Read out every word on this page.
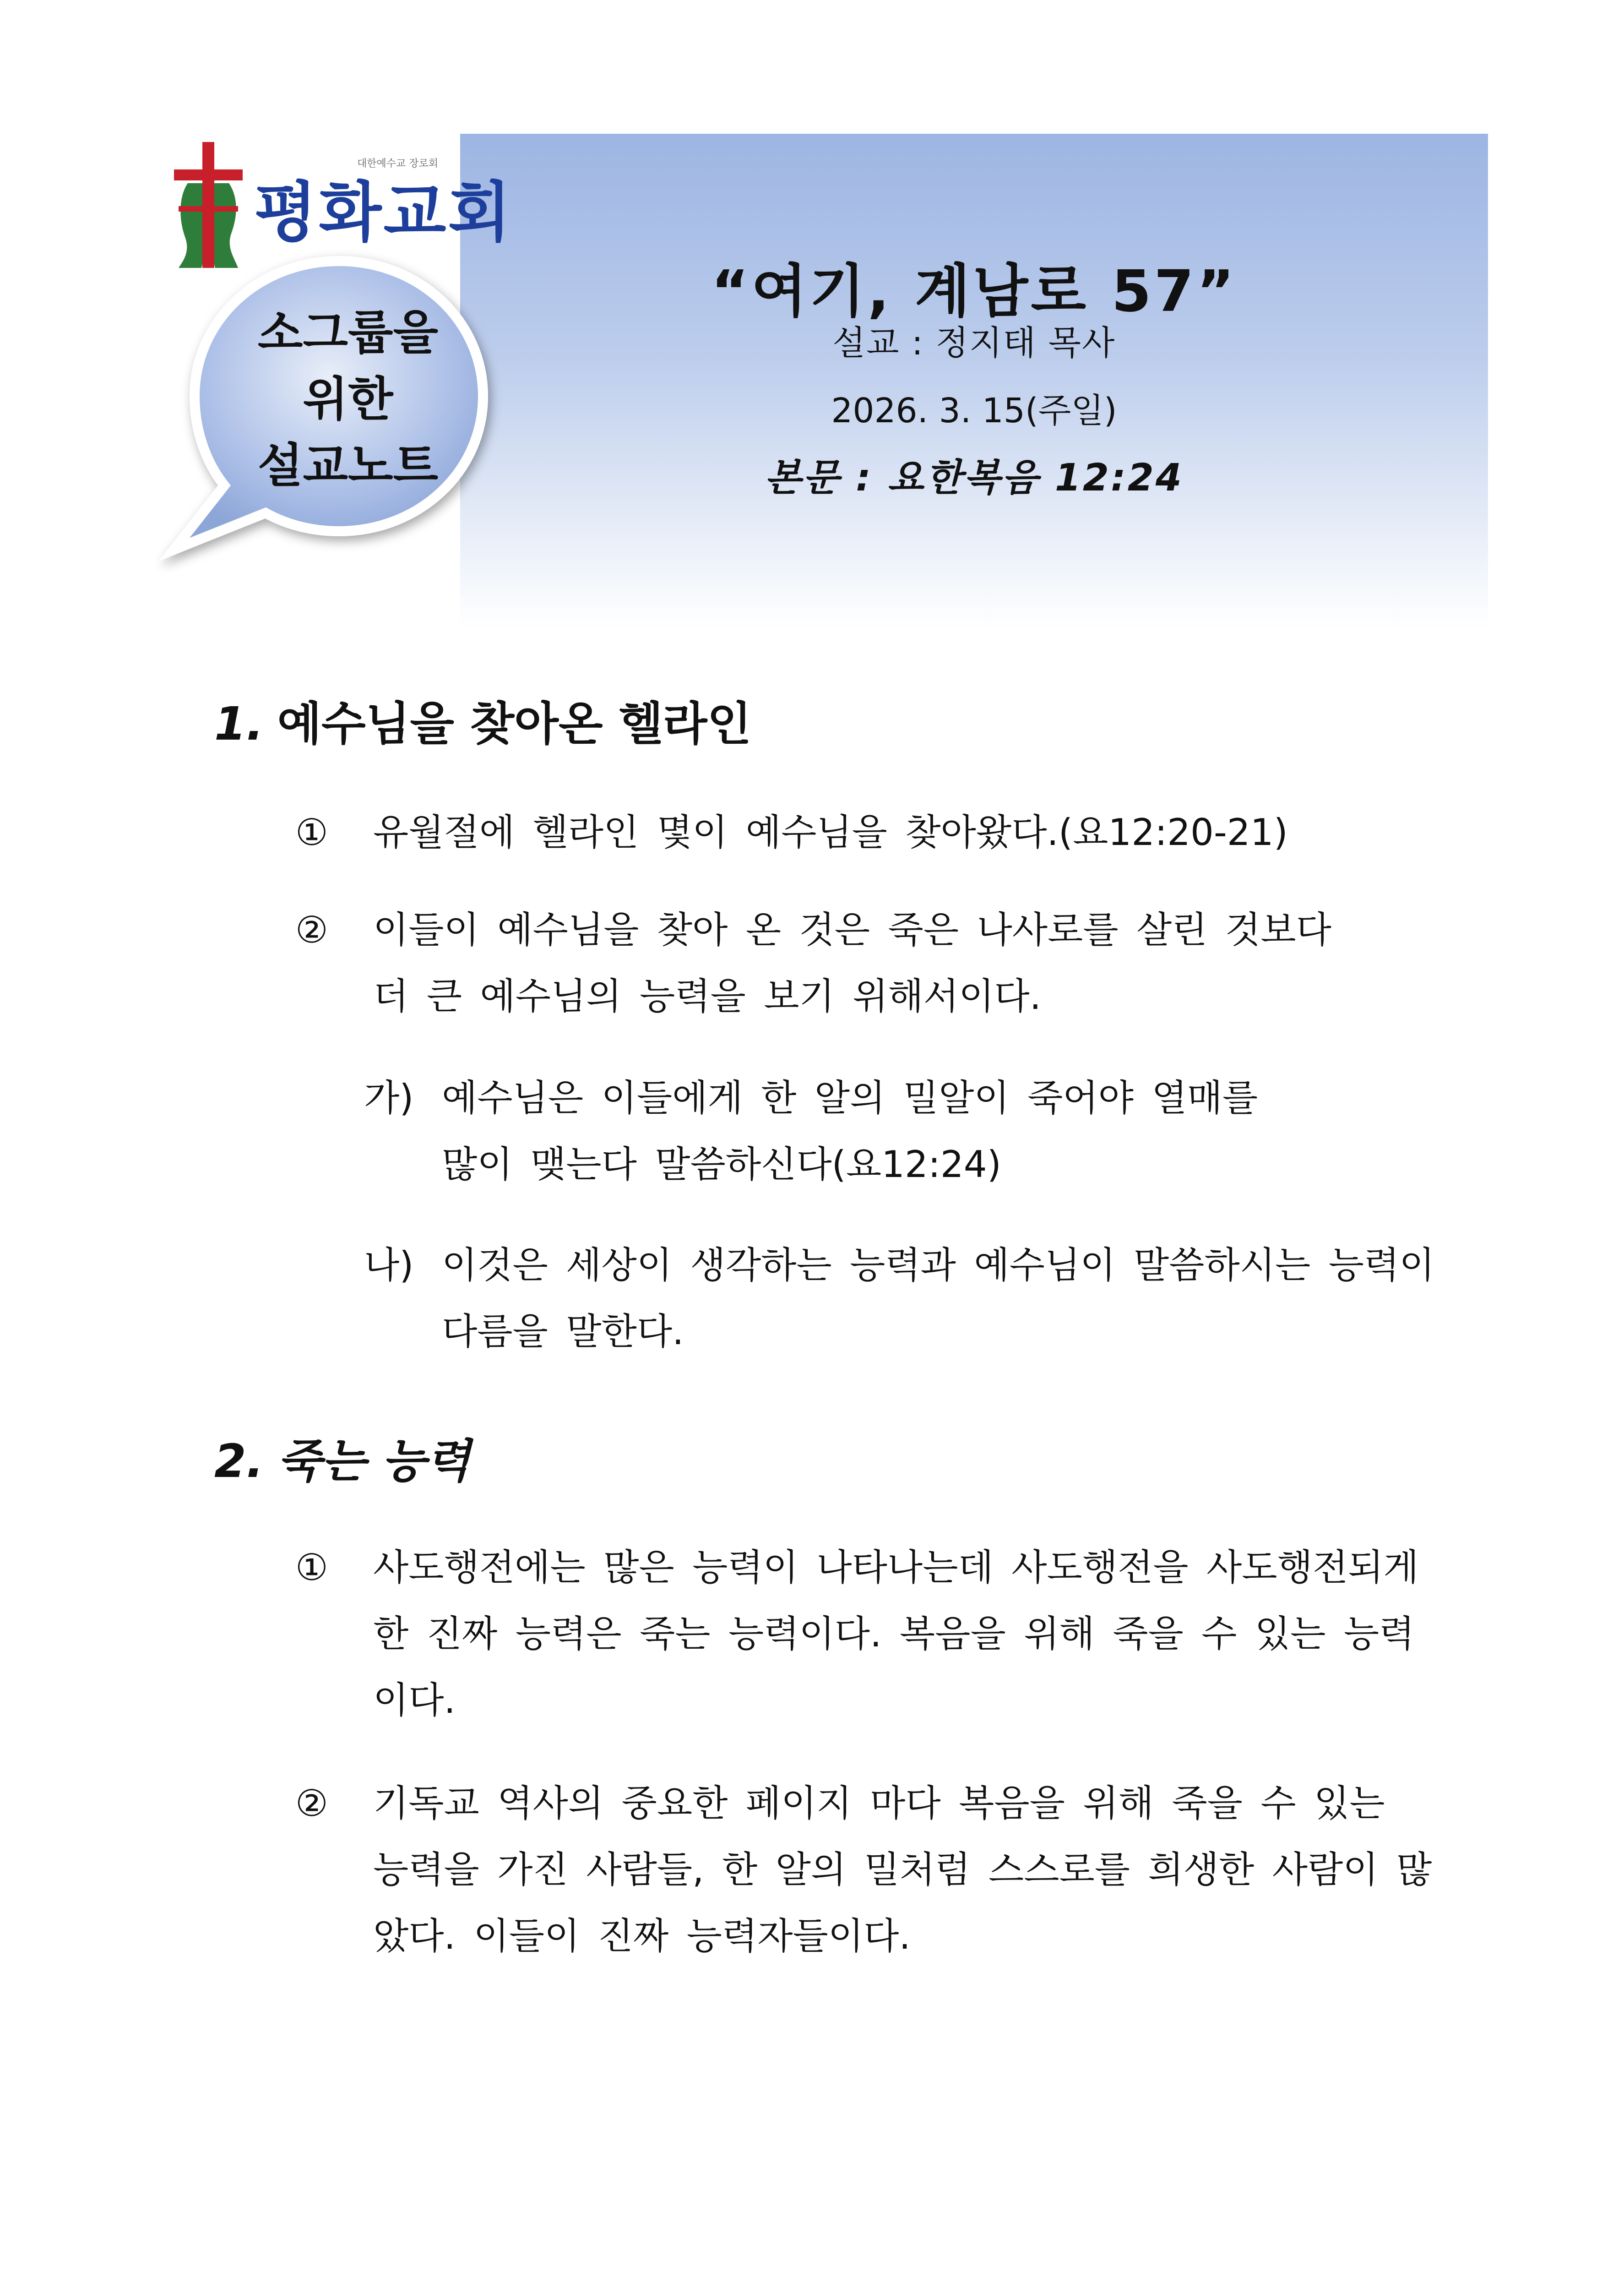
대한예수교 장로회
평화교회
소그룹을
위한
설교노트
“여기, 계남로 57”
설교 : 정지태 목사
2026. 3. 15(주일)
본문 : 요한복음 12:24
1. 예수님을 찾아온 헬라인
① 유월절에 헬라인 몇이 예수님을 찾아왔다.(요12:20-21)
② 이들이 예수님을 찾아 온 것은 죽은 나사로를 살린 것보다
더 큰 예수님의 능력을 보기 위해서이다.
가) 예수님은 이들에게 한 알의 밀알이 죽어야 열매를
많이 맺는다 말씀하신다(요12:24)
나) 이것은 세상이 생각하는 능력과 예수님이 말씀하시는 능력이
다름을 말한다.
2. 죽는 능력
① 사도행전에는 많은 능력이 나타나는데 사도행전을 사도행전되게
한 진짜 능력은 죽는 능력이다. 복음을 위해 죽을 수 있는 능력
이다.
② 기독교 역사의 중요한 페이지 마다 복음을 위해 죽을 수 있는
능력을 가진 사람들, 한 알의 밀처럼 스스로를 희생한 사람이 많
았다. 이들이 진짜 능력자들이다.
